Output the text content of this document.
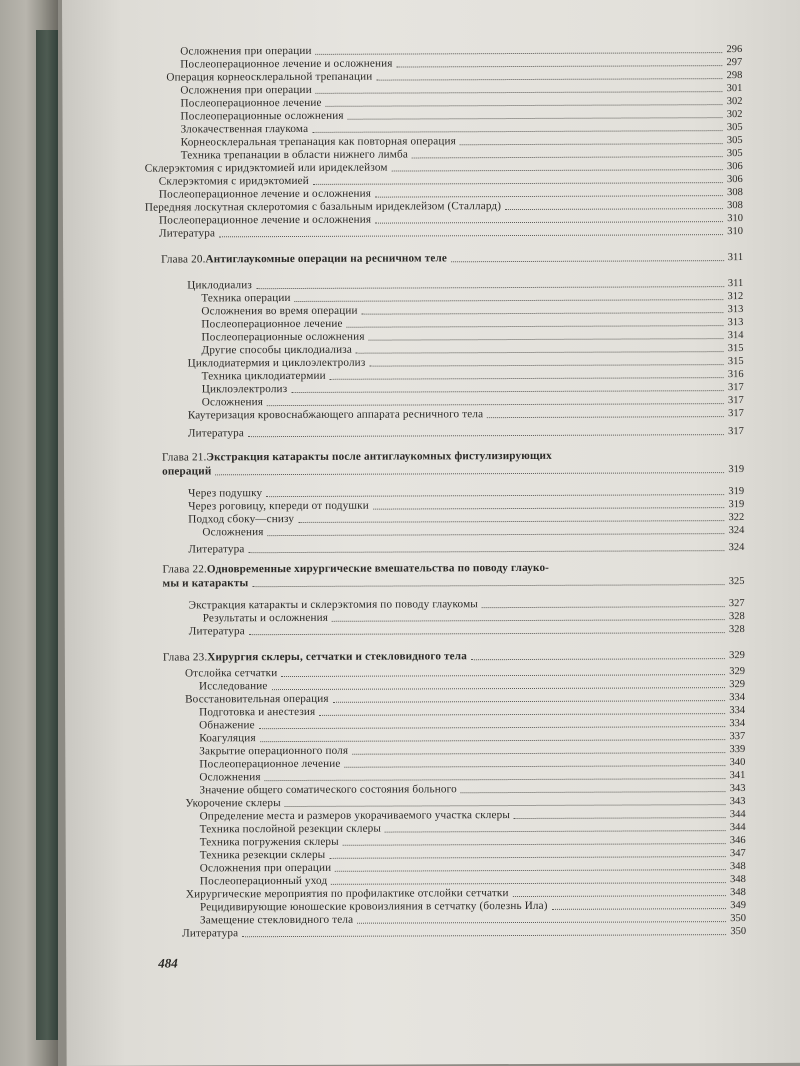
Осложнения при операции	296
Послеоперационное лечение и осложнения	297
Операция корнеосклеральной трепанации	298
Осложнения при операции	301
Послеоперационное лечение	302
Послеоперационные осложнения	302
Злокачественная глаукома	305
Корнеосклеральная трепанация как повторная операция	305
Техника трепанации в области нижнего лимба	305
Склерэктомия с иридэктомией или иридеклейзом	306
Склерэктомия с иридэктомией	306
Послеоперационное лечение и осложнения	308
Передняя лоскутная склеротомия с базальным иридеклейзом (Сталлард)	308
Послеоперационное лечение и осложнения	310
Литература	310
Глава 20. Антиглаукомные операции на ресничном теле	311
Циклодиализ	311
Техника операции	312
Осложнения во время операции	313
Послеоперационное лечение	313
Послеоперационные осложнения	314
Другие способы циклодиализа	315
Циклодиатермия и циклоэлектролиз	315
Техника циклодиатермии	316
Циклоэлектролиз	317
Осложнения	317
Каутеризация кровоснабжающего аппарата ресничного тела	317
Литература	317
Глава 21. Экстракция катаракты после антиглаукомных фистулизирующих
операций	319
Через подушку	319
Через роговицу, кпереди от подушки	319
Подход сбоку—снизу	322
Осложнения	324
Литература	324
Глава 22. Одновременные хирургические вмешательства по поводу глауко-
мы и катаракты	325
Экстракция катаракты и склерэктомия по поводу глаукомы	327
Результаты и осложнения	328
Литература	328
Глава 23. Хирургия склеры, сетчатки и стекловидного тела	329
Отслойка сетчатки	329
Исследование	329
Восстановительная операция	334
Подготовка и анестезия	334
Обнажение	334
Коагуляция	337
Закрытие операционного поля	339
Послеоперационное лечение	340
Осложнения	341
Значение общего соматического состояния больного	343
Укорочение склеры	343
Определение места и размеров укорачиваемого участка склеры	344
Техника послойной резекции склеры	344
Техника погружения склеры	346
Техника резекции склеры	347
Осложнения при операции	348
Послеоперационный уход	348
Хирургические мероприятия по профилактике отслойки сетчатки	348
Рецидивирующие юношеские кровоизлияния в сетчатку (болезнь Ила)	349
Замещение стекловидного тела	350
Литература	350
484
